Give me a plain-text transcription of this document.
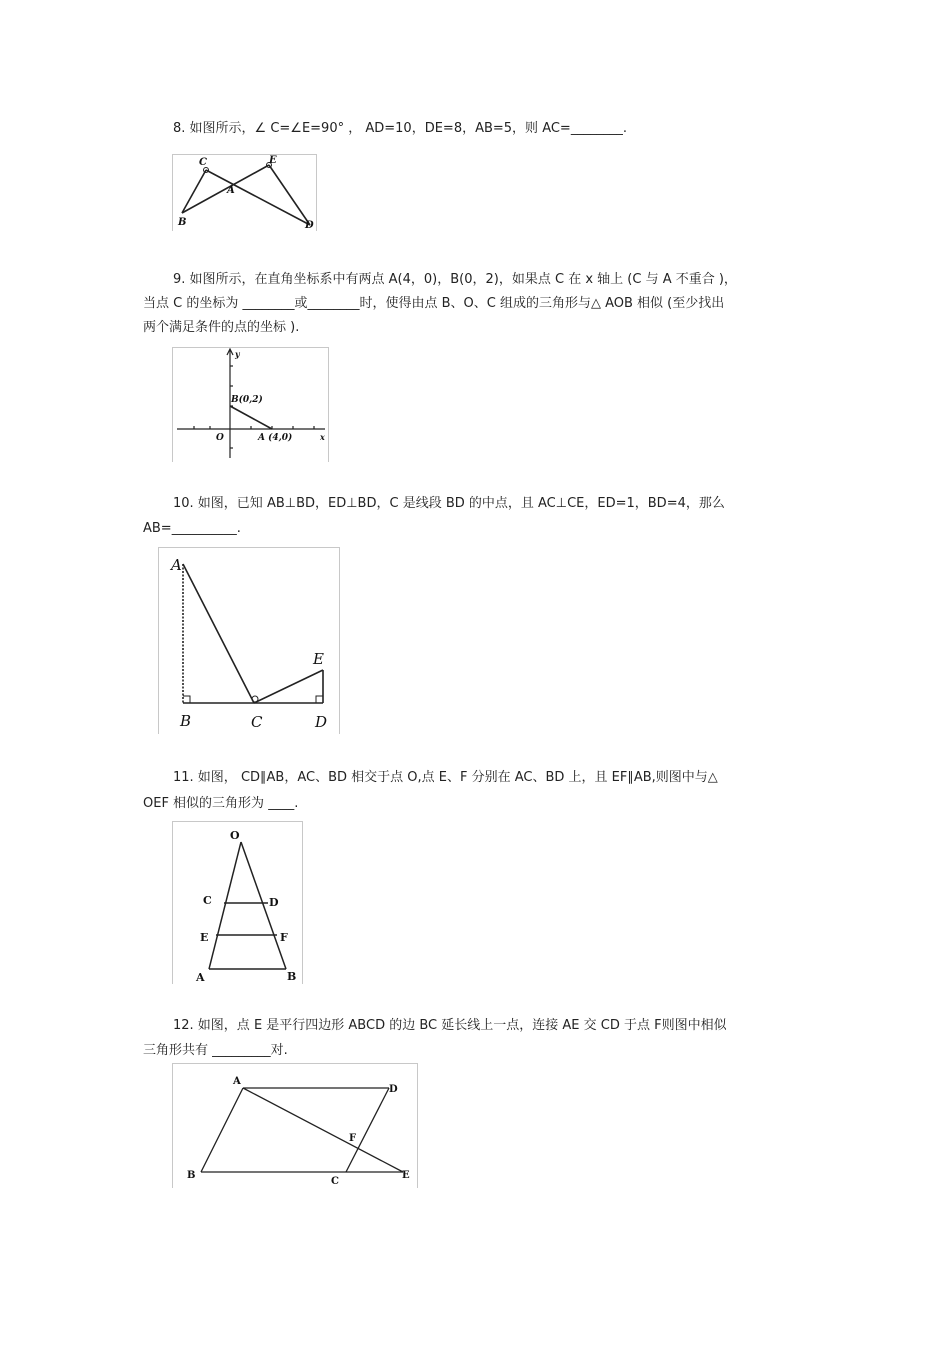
8. 如图所示，∠ C=∠E=90° ， AD=10，DE=8，AB=5，则 AC=________.
C	E
A
B	D
9. 如图所示，在直角坐标系中有两点 A(4，0)，B(0，2)，如果点 C 在 x 轴上 (C 与 A 不重合 )，
当点 C 的坐标为 ________或________时，使得由点 B、O、C 组成的三角形与△ AOB 相似 (至少找出
两个满足条件的点的坐标 ).
y
x
O
B(0,2)
A (4,0)
10. 如图，已知 AB⊥BD，ED⊥BD，C 是线段 BD 的中点，且 AC⊥CE，ED=1，BD=4，那么
AB=__________.
A
B	C	D
E
11. 如图， CD∥AB，AC、BD 相交于点 O,点 E、F 分别在 AC、BD 上，且 EF∥AB,则图中与△
OEF 相似的三角形为 ____.
O
C	D
E	F
A	B
12. 如图，点 E 是平行四边形 ABCD 的边 BC 延长线上一点，连接 AE 交 CD 于点 F则图中相似
三角形共有 _________对.
A
D
F
B
C
E
